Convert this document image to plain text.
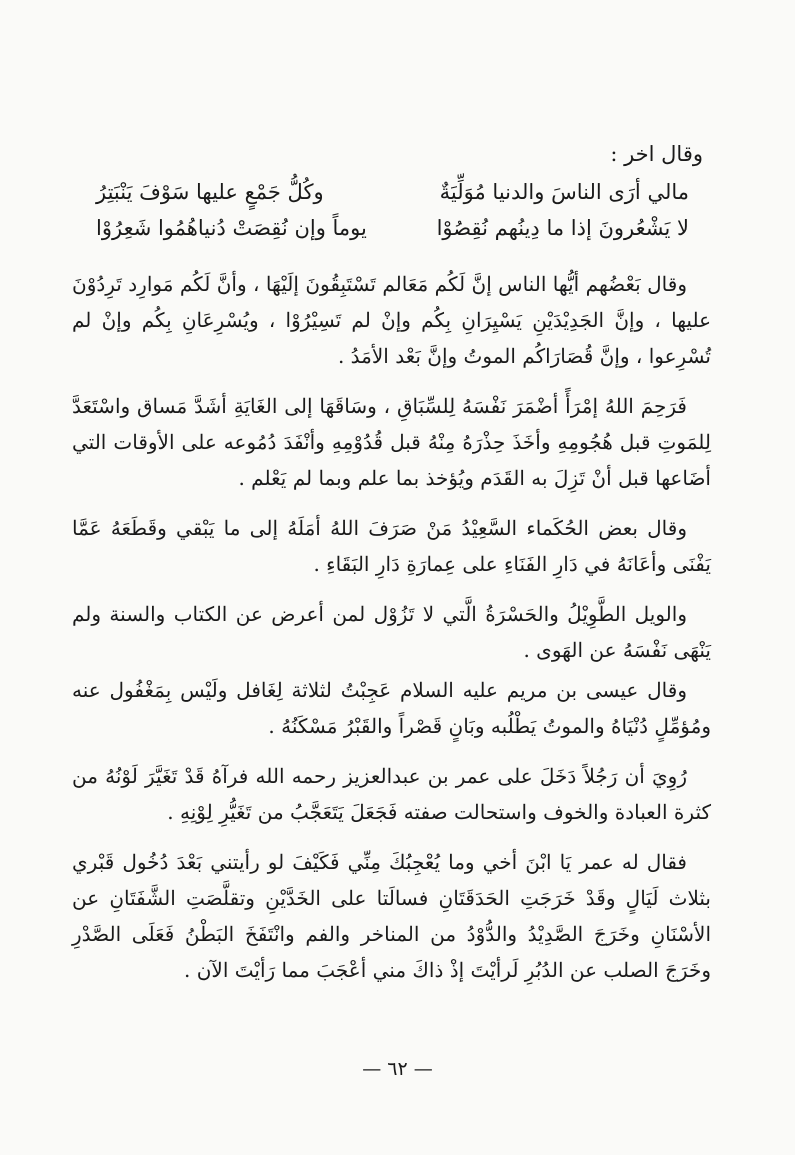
وقال اخر :

مالي أرَى الناسَ والدنيا مُوَلِّيَةٌ
وكُلُّ جَمْعٍ عليها سَوْفَ يَنْبَتِرُ
لا يَشْعُرونَ إذا ما دِينُهم نُقِصُوْا
يوماً وإن نُقِصَتْ دُنياهُمُوا شَعِرُوْا

وقال بَعْضُهم أيُّها الناس إنَّ لَكُم مَعَالم تَسْتَبِقُونَ إلَيْهَا ، وأنَّ لَكُم مَوارِد تَرِدُوْنَ عليها ، وإنَّ الجَدِيْدَيْنِ يَسْيِرَانِ بِكُم وإنْ لم تَسِيْرُوْا ، ويُسْرِعَانِ بِكُم وإنْ لم تُسْرِعوا ، وإنَّ قُصَارَاكُم الموتُ وإنَّ بَعْد الأمَدُ .

فَرَحِمَ اللهُ إمْرَأً أضْمَرَ نَفْسَهُ لِلسِّبَاقِ ، وسَاقَهَا إلى الغَايَةِ أشَدَّ مَساق واسْتَعَدَّ لِلمَوتِ قبل هُجُومِهِ وأخَذَ حِذْرَهُ مِنْهُ قبل قُدُوْمِهِ وأنْفَدَ دُمُوعه على الأوقات التي أضَاعها قبل أنْ تَزِلَ به القَدَم ويُؤخذ بما علم وبما لم يَعْلم .

وقال بعض الحُكَماء السَّعِيْدُ مَنْ صَرَفَ اللهُ أمَلَهُ إلى ما يَبْقي وقَطَعَهُ عَمَّا يَفْنَى وأعَانَهُ في دَارِ الفَنَاءِ على عِمارَةِ دَارِ البَقَاءِ .

والويل الطَّوِيْلُ والحَسْرَةُ الَّتي لا تَزُوْل لمن أعرض عن الكتاب والسنة ولم يَنْهَى نَفْسَهُ عن الهَوى .

وقال عيسى بن مريم عليه السلام عَجِبْتُ لثلاثة لِغَافل ولَيْس بِمَغْفُول عنه ومُؤمِّلٍ دُنْيَاهُ والموتُ يَطْلُبه وبَانٍ قَصْراً والقَبْرُ مَسْكَنُهُ .

رُوِيَ أن رَجُلاً دَخَلَ على عمر بن عبدالعزيز رحمه الله فرآهُ قَدْ تَغَيَّرَ لَوْنُهُ من كثرة العبادة والخوف واستحالت صفته فَجَعَلَ يَتَعَجَّبُ من تَغَيُّرِ لِوْنِهِ .

فقال له عمر يَا ابْنَ أخي وما يُعْجِبُكَ مِنِّي فَكَيْفَ لو رأيتني بَعْدَ دُخُول قَبْري بثلاث لَيَالٍ وقَدْ خَرَجَتِ الحَدَقَتَانِ فسالَتا على الخَدَّيْنِ وتقلَّصَتِ الشَّفَتَانِ عن الأسْنَانِ وخَرَجَ الصَّدِيْدُ والدُّوْدُ من المناخر والفم وانْتَفَخَ البَطْنُ فَعَلَى الصَّدْرِ وخَرَجَ الصلب عن الدُبُرِ لَرأيْتَ إذْ ذاكَ مني أعْجَبَ مما رَأيْتَ الآن .

— ٦٢ —
